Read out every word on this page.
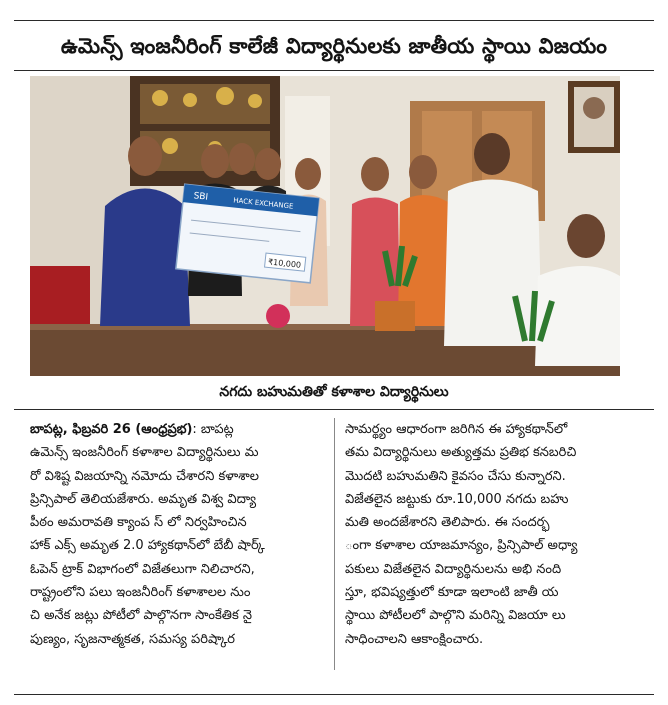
ఉమెన్స్ ఇంజనీరింగ్ కాలేజీ విద్యార్థినులకు జాతీయ స్థాయి విజయం
SBI	HACK EXCHANGE
₹10,000
నగదు బహుమతితో కళాశాల విద్యార్థినులు
బాపట్ల, ఫిబ్రవరి 26 (ఆంధ్రప్రభ): బాపట్ల
ఉమెన్స్ ఇంజనీరింగ్ కళాశాల విద్యార్థినులు మ
రో విశిష్ట విజయాన్ని నమోదు చేశారని కళాశాల
ప్రిన్సిపాల్ తెలియజేశారు. అమృత విశ్వ విద్యా
పీఠం అమరావతి క్యాంప స్ లో నిర్వహించిన
హాక్ ఎక్స్ అమృత 2.0 హ్యాకథాన్‌లో బేబీ షార్క్
ఓపెన్ ట్రాక్ విభాగంలో విజేతలుగా నిలిచారని,
రాష్ట్రంలోని పలు ఇంజనీరింగ్ కళాశాలల నుం
చి అనేక జట్లు పోటీలో పాల్గొనగా సాంకేతిక నై
పుణ్యం, సృజనాత్మకత, సమస్య పరిష్కార
సామర్థ్యం ఆధారంగా జరిగిన ఈ హ్యాకథాన్‌లో
తమ విద్యార్థినులు అత్యుత్తమ ప్రతిభ కనబరిచి
మొదటి బహుమతిని కైవసం చేసు కున్నారని.
విజేతలైన జట్టుకు రూ.10,000 నగదు బహు
మతి అందజేశారని తెలిపారు. ఈ సందర్భ
ంగా కళాశాల యాజమాన్యం, ప్రిన్సిపాల్ అధ్యా
పకులు విజేతలైన విద్యార్థినులను అభి నంది
స్తూ, భవిష్యత్తులో కూడా ఇలాంటి జాతీ య
స్థాయి పోటీలలో పాల్గొని మరిన్ని విజయా లు
సాధించాలని ఆకాంక్షించారు.
